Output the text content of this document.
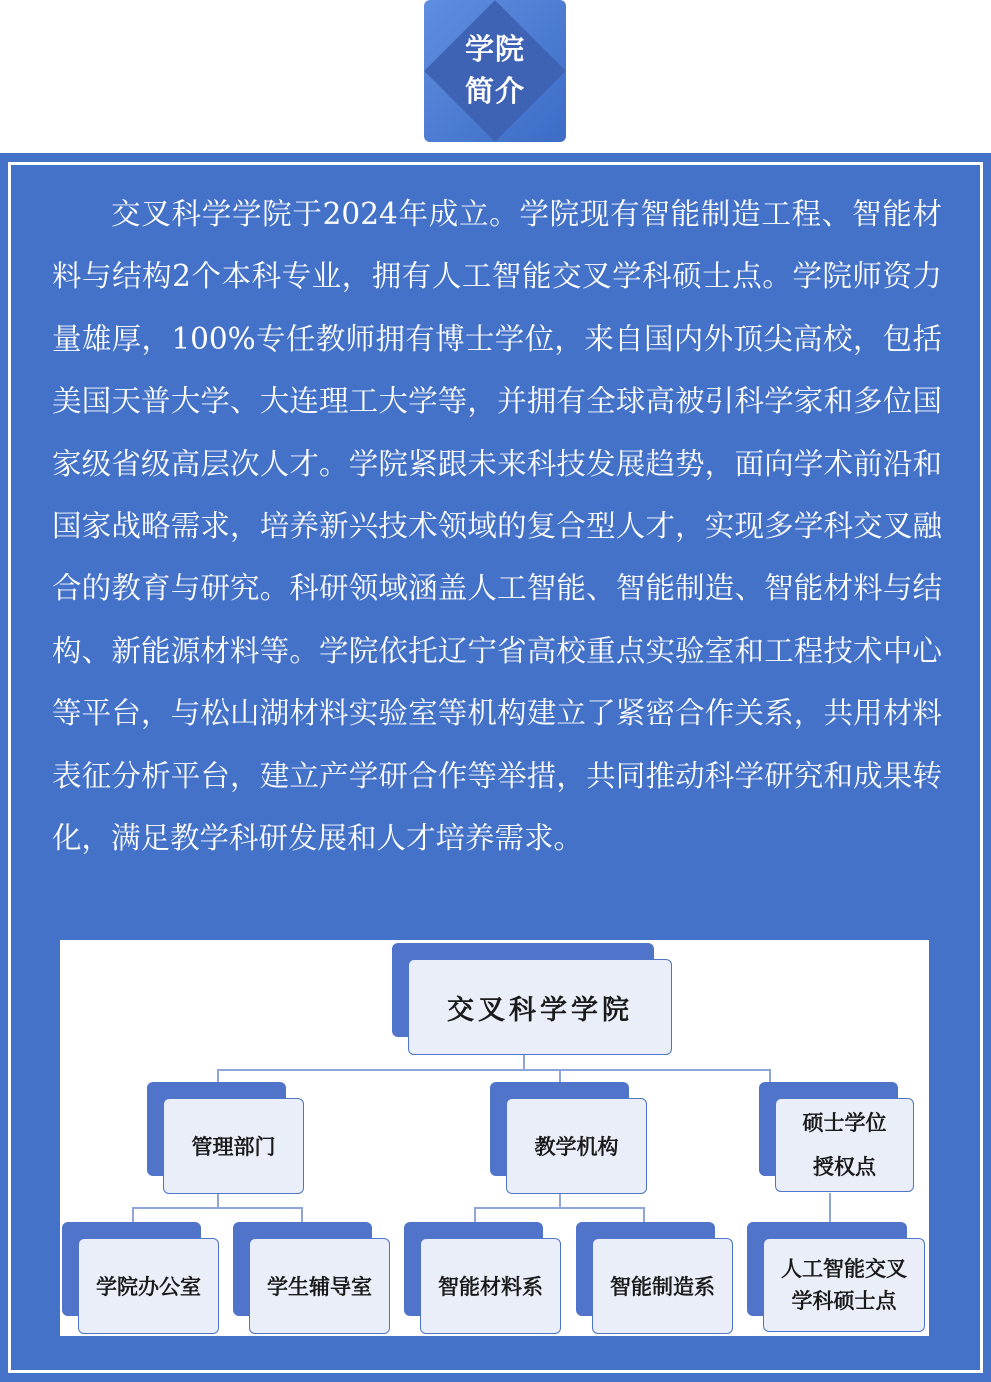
学院
简介

交叉科学学院于2024年成立。学院现有智能制造工程、智能材料与结构2个本科专业，拥有人工智能交叉学科硕士点。学院师资力量雄厚，100%专任教师拥有博士学位，来自国内外顶尖高校，包括美国天普大学、大连理工大学等，并拥有全球高被引科学家和多位国家级省级高层次人才。学院紧跟未来科技发展趋势，面向学术前沿和国家战略需求，培养新兴技术领域的复合型人才，实现多学科交叉融合的教育与研究。科研领域涵盖人工智能、智能制造、智能材料与结构、新能源材料等。学院依托辽宁省高校重点实验室和工程技术中心等平台，与松山湖材料实验室等机构建立了紧密合作关系，共用材料表征分析平台，建立产学研合作等举措，共同推动科学研究和成果转化，满足教学科研发展和人才培养需求。

交叉科学学院
管理部门	教学机构
硕士学位授权点
学院办公室	学生辅导室	智能材料系	智能制造系
人工智能交叉学科硕士点
